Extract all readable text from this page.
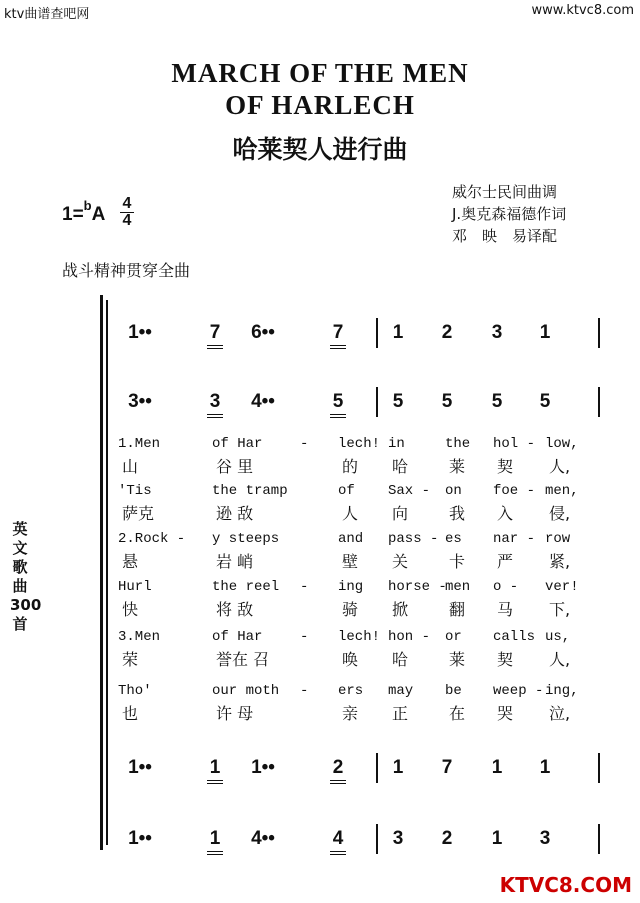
ktv曲谱查吧网	www.ktvc8.com
KTVC8.COM
MARCH OF THE MEN
OF HARLECH
哈莱契人进行曲
威尔士民间曲调
J.奥克森福德作词
邓　映　易译配
1=$^b$A
4
4
战斗精神贯穿全曲
英文歌曲300首
1••	7	6••	7	1	2	3	1
3••	3	4••	5	5	5	5	5
1••	1	1••	2	1	7	1	1
1••	1	4••	4	3	2	1	3
1.Men	of Har	- lech! in	the hol - low,
山	谷 里	的 哈	莱 契 人,
'Tis	the tramp	of Sax - on foe - men,
萨克	逊 敌	人 向	我 入 侵,
2.Rock - y steeps	and pass - es nar - row
悬	岩 峭	壁 关	卡 严 紧,
Hurl	the reel - ing horse -
men o - ver!
快	将 敌	骑 掀	翻 马 下,
3.Men	of Har	- lech! hon - or calls us,
荣	誉在 召	唤 哈	莱 契 人,
Tho'	our moth - ers may be weep - ing,
也	许 母	亲 正	在 哭 泣,
